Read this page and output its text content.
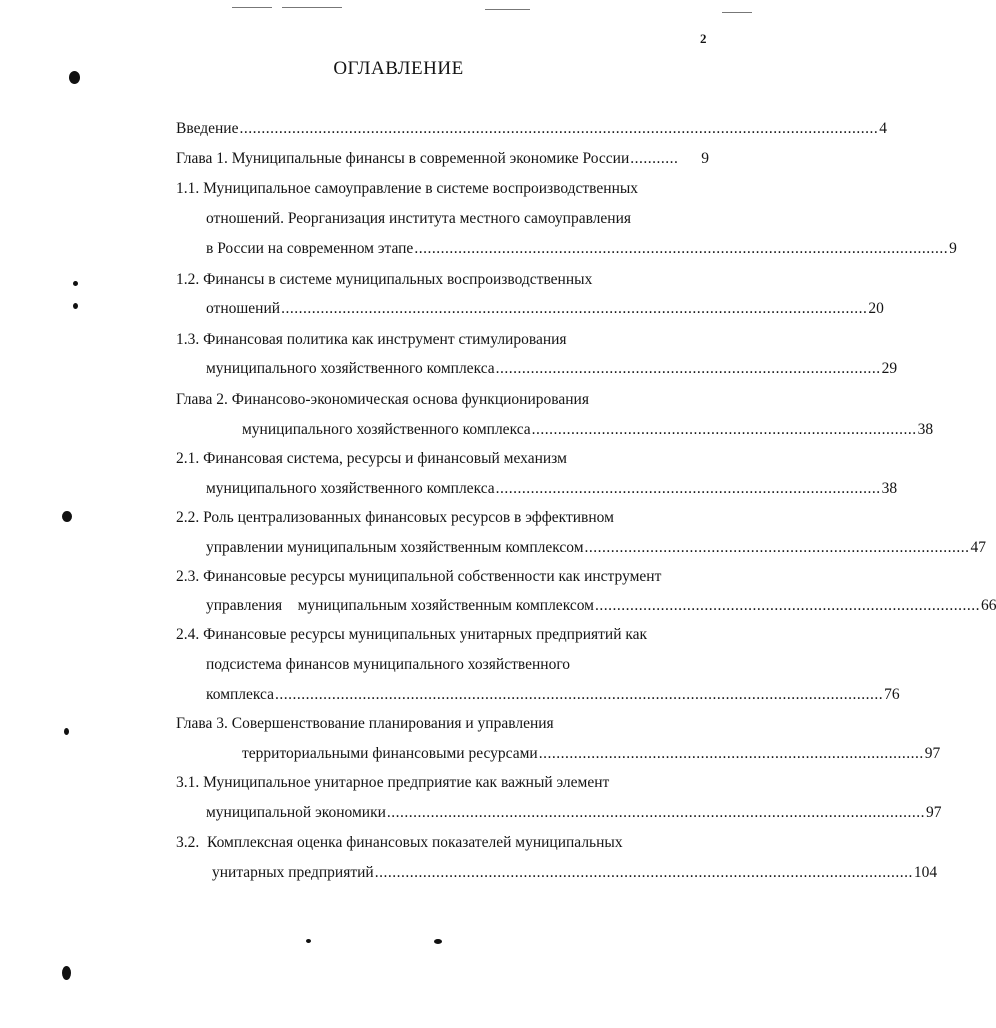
2
ОГЛАВЛЕНИЕ
Введение .................................................................................................................................................. 4
Глава 1. Муниципальные финансы в современной экономике России ...........	9
1.1. Муниципальное самоуправление в системе воспроизводственных
отношений. Реорганизация института местного самоуправления
в России на современном этапе .......................................................................................................................... 9
1.2. Финансы в системе муниципальных воспроизводственных
отношений ...................................................................................................................................... 20
1.3. Финансовая политика как инструмент стимулирования
муниципального хозяйственного комплекса ........................................................................................ 29
Глава 2. Финансово-экономическая основа функционирования
муниципального хозяйственного комплекса ........................................................................................ 38
2.1. Финансовая система, ресурсы и финансовый механизм
муниципального хозяйственного комплекса ........................................................................................ 38
2.2. Роль централизованных финансовых ресурсов в эффективном
управлении муниципальным хозяйственным комплексом ........................................................................................ 47
2.3. Финансовые ресурсы муниципальной собственности как инструмент
управления    муниципальным хозяйственным комплексом ........................................................................................ 66
2.4. Финансовые ресурсы муниципальных унитарных предприятий как
подсистема финансов муниципального хозяйственного
комплекса ........................................................................................................................................... 76
Глава 3. Совершенствование планирования и управления
территориальными финансовыми ресурсами ........................................................................................ 97
3.1. Муниципальное унитарное предприятие как важный элемент
муниципальной экономики ........................................................................................................................... 97
3.2.  Комплексная оценка финансовых показателей муниципальных
унитарных предприятий ........................................................................................................................... 104
